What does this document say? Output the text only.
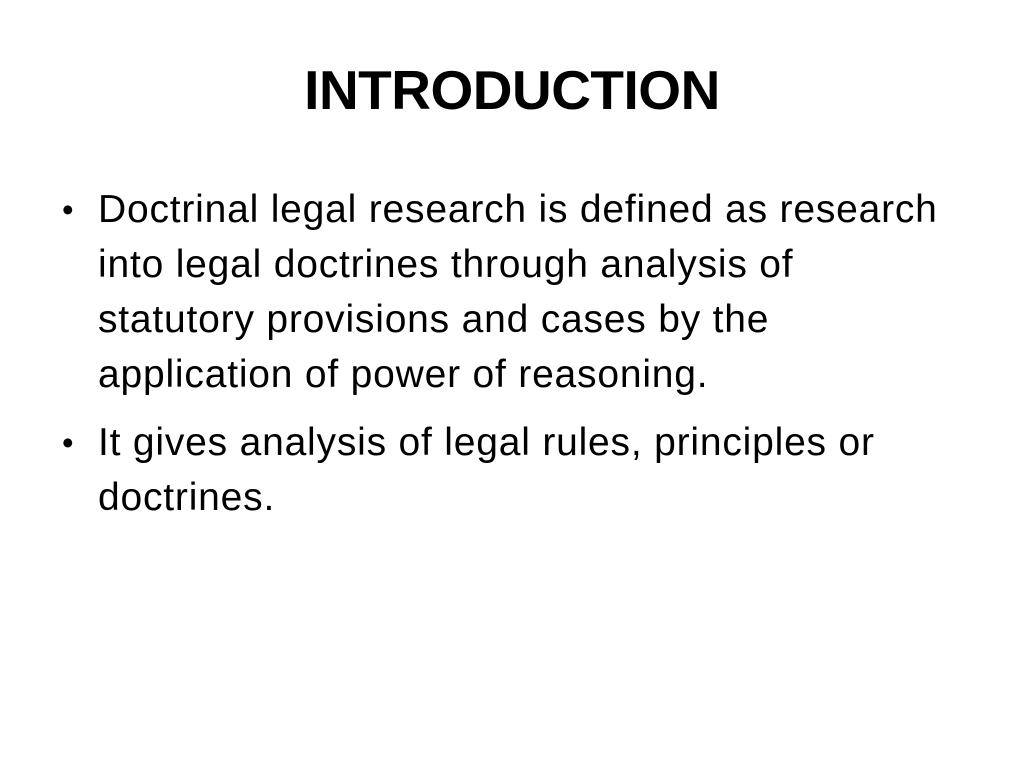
INTRODUCTION
• Doctrinal legal research is defined as research
into legal doctrines through analysis of
statutory provisions and cases by the
application of power of reasoning.
• It gives analysis of legal rules, principles or
doctrines.
